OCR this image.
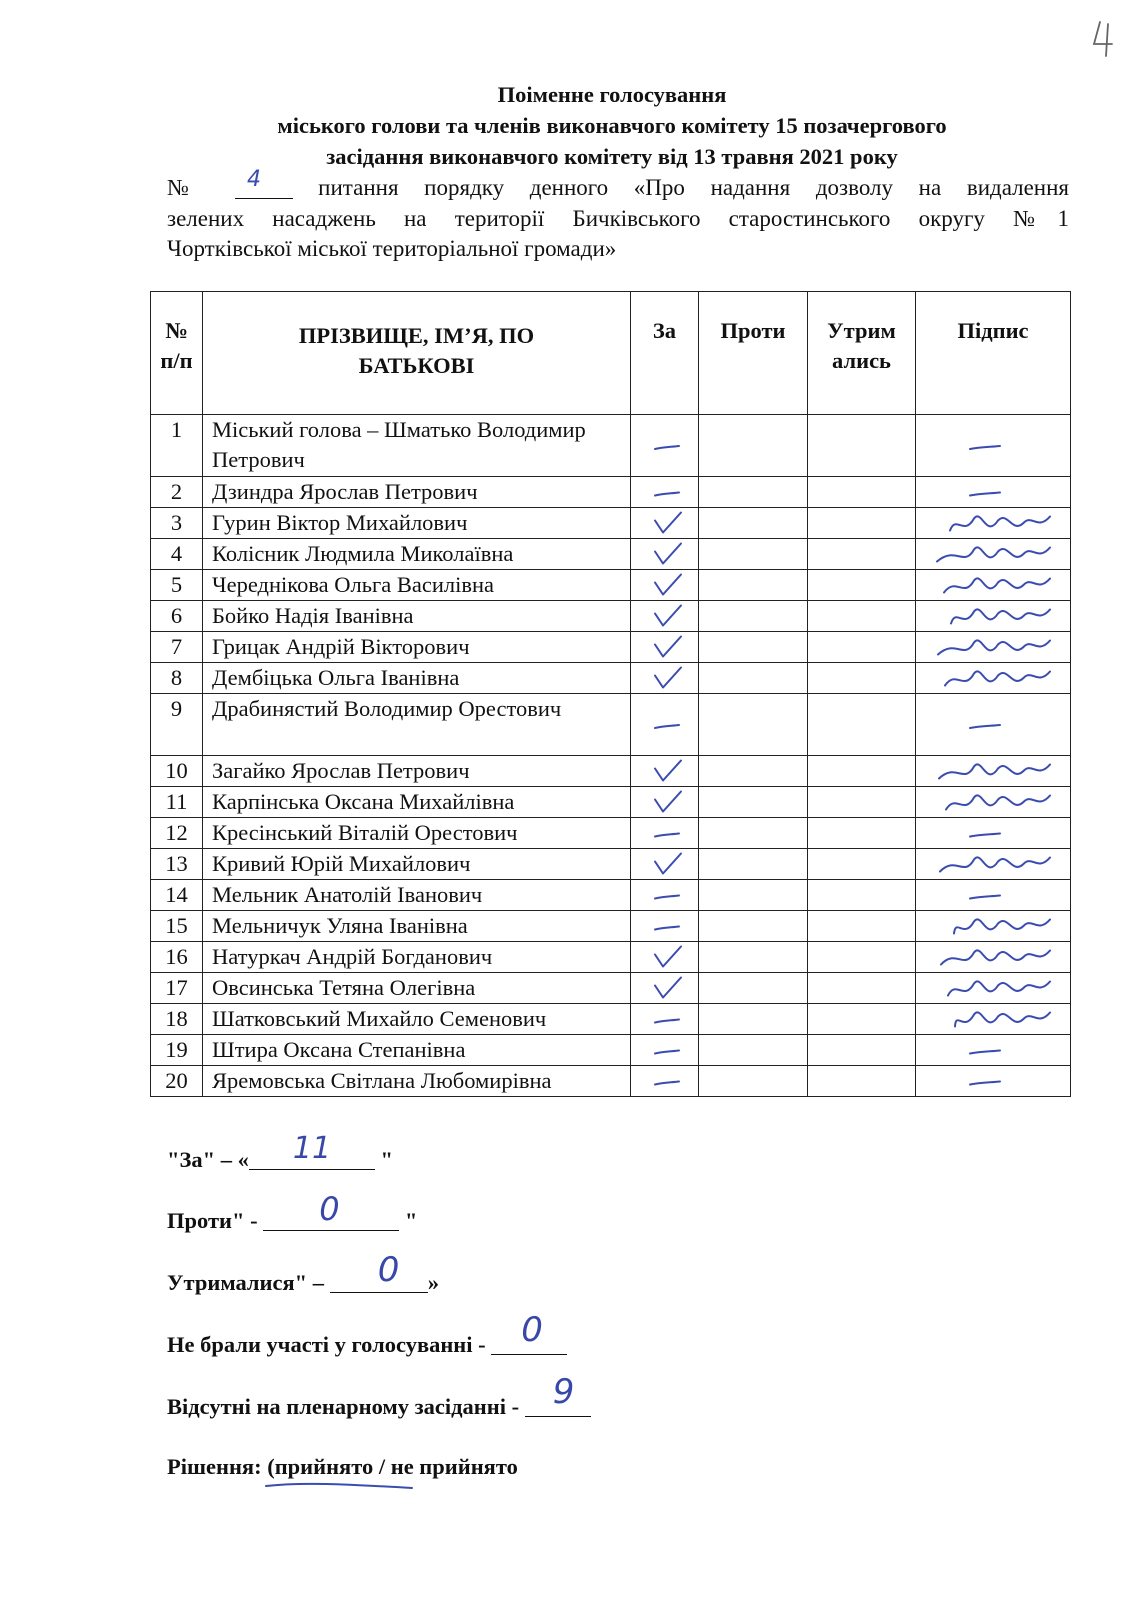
Поіменне голосування
міського голови та членів виконавчого комітету 15 позачергового
засідання виконавчого комітету від 13 травня 2021 року
№ 4	питання порядку денного «Про надання дозволу на видалення
зелених насаджень на території Бичківського старостинського округу №1
Чортківської міської територіальної громади»
№ п/п	ПРІЗВИЩЕ, ІМ’Я, ПО БАТЬКОВІ	За	Проти	Утрим ались	Підпис
1	Міський голова – Шматько Володимир Петрович	

2	Дзиндра Ярослав Петрович	

3	Гурин Віктор Михайлович	

4	Колісник Людмила Миколаївна	

5	Череднікова Ольга Василівна	

6	Бойко Надія Іванівна	

7	Грицак Андрій Вікторович	

8	Дембіцька Ольга Іванівна	

9	Драбинястий Володимир Орестович	

10	Загайко Ярослав Петрович	

11	Карпінська Оксана Михайлівна	

12	Кресінський Віталій Орестович	

13	Кривий Юрій Михайлович	

14	Мельник Анатолій Іванович	

15	Мельничук Уляна Іванівна	

16	Натуркач Андрій Богданович	

17	Овсинська Тетяна Олегівна	

18	Шатковський Михайло Семенович	

19	Штира Оксана Степанівна	

20	Яремовська Світлана Любомирівна	

"За" – « 11 "
Проти" - 0	"
Утрималися" – 0 »
Не брали участі у голосуванні - 0
Відсутні на пленарному засіданні - 9
Рішення: (прийнято / не прийнято
